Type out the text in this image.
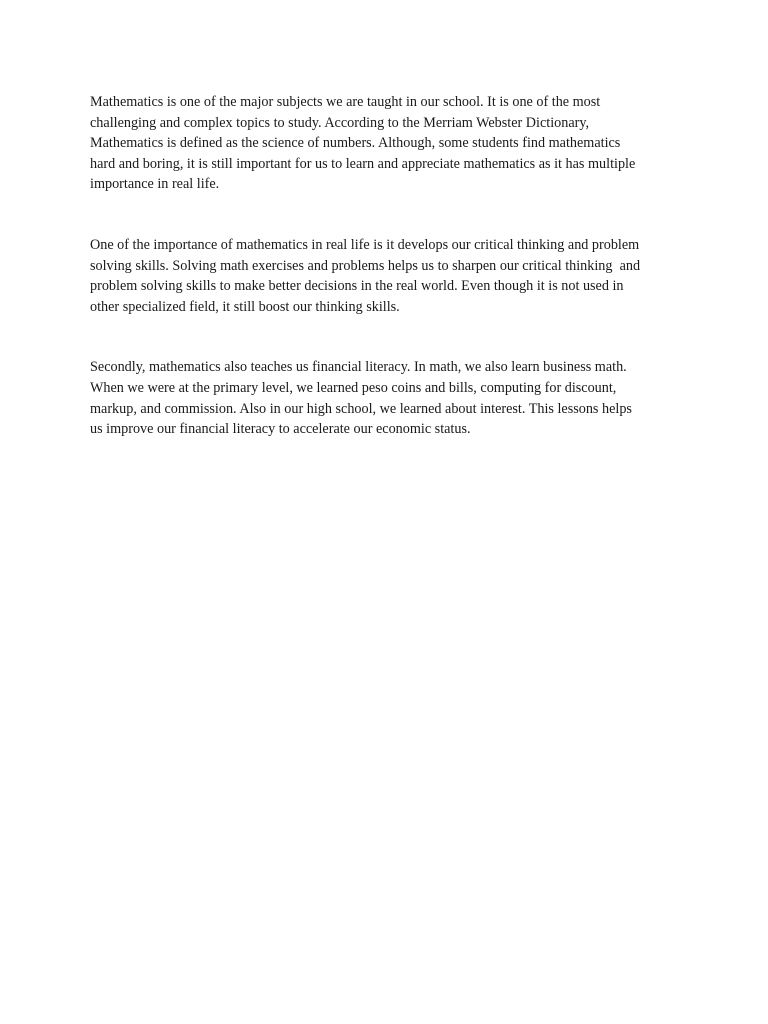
Mathematics is one of the major subjects we are taught in our school. It is one of the most
challenging and complex topics to study. According to the Merriam Webster Dictionary,
Mathematics is defined as the science of numbers. Although, some students find mathematics
hard and boring, it is still important for us to learn and appreciate mathematics as it has multiple
importance in real life.

One of the importance of mathematics in real life is it develops our critical thinking and problem
solving skills. Solving math exercises and problems helps us to sharpen our critical thinking  and
problem solving skills to make better decisions in the real world. Even though it is not used in
other specialized field, it still boost our thinking skills.

Secondly, mathematics also teaches us financial literacy. In math, we also learn business math.
When we were at the primary level, we learned peso coins and bills, computing for discount,
markup, and commission. Also in our high school, we learned about interest. This lessons helps
us improve our financial literacy to accelerate our economic status.
